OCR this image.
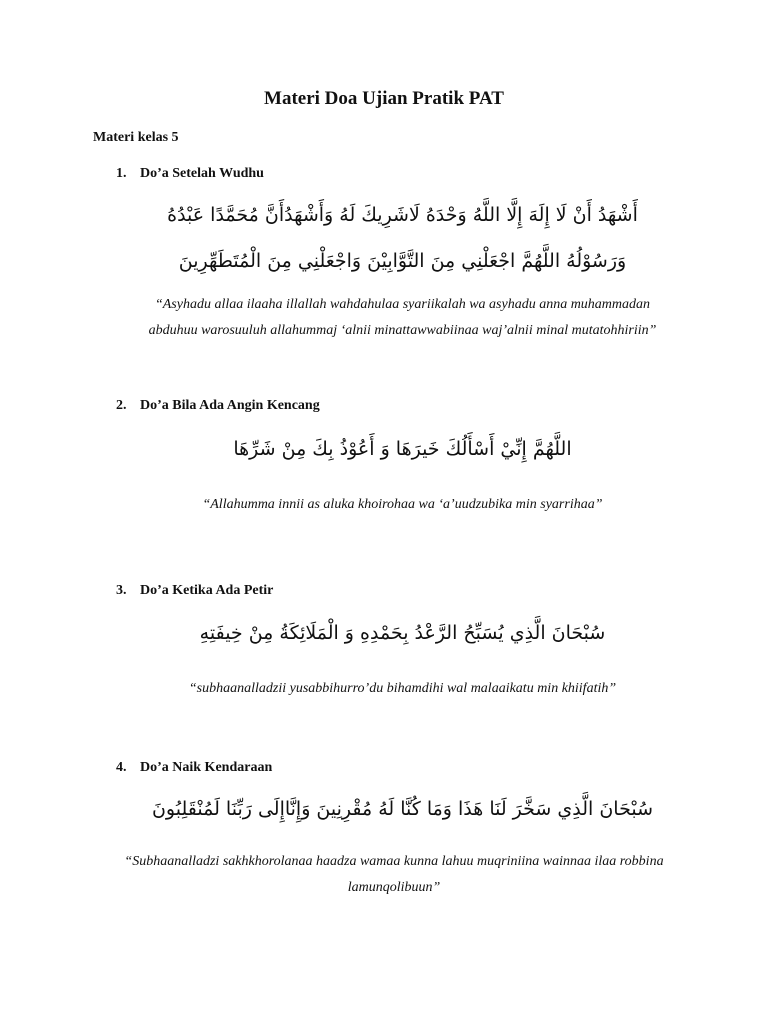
Materi Doa Ujian Pratik PAT
Materi kelas 5
1. Do’a Setelah Wudhu
أَشْهَدُ أَنْ لَا إِلَهَ إِلَّا اللَّهُ وَحْدَهُ لَاشَرِيكَ لَهُ وَأَشْهَدُأَنَّ مُحَمَّدًا عَبْدُهُ وَرَسُوْلُهُ اللَّهُمَّ اجْعَلْنِي مِنَ التَّوَّابِيْنَ وَاجْعَلْنِي مِنَ الْمُتَطَهِّرِينَ
“Asyhadu allaa ilaaha illallah wahdahulaa syariikalah wa asyhadu anna muhammadan abduhuu warosuuluh allahummaj ‘alnii minattawwabiinaa waj’alnii minal mutatohhiriin”
2. Do’a Bila Ada Angin Kencang
اللَّهُمَّ إِنِّيْ أَسْأَلُكَ خَيرَهَا وَ أَعُوْذُ بِكَ مِنْ شَرِّهَا
“Allahumma innii as aluka khoirohaa wa ‘a’uudzubika min syarrihaa”
3. Do’a Ketika Ada Petir
سُبْحَانَ الَّذِي يُسَبِّحُ الرَّعْدُ بِحَمْدِهِ وَ الْمَلَائِكَةُ مِنْ خِيفَتِهِ
“subhaanalladzii yusabbihurro’du bihamdihi wal malaaikatu min khiifatih”
4. Do’a Naik Kendaraan
سُبْحَانَ الَّذِي سَخَّرَ لَنَا هَذَا وَمَا كُنَّا لَهُ مُقْرِنِينَ وَإِنَّاإِلَى رَبِّنَا لَمُنْقَلِبُونَ
“Subhaanalladzi sakhkhorolanaa haadza wamaa kunna lahuu muqriniina wainnaa ilaa robbina lamunqolibuun”
